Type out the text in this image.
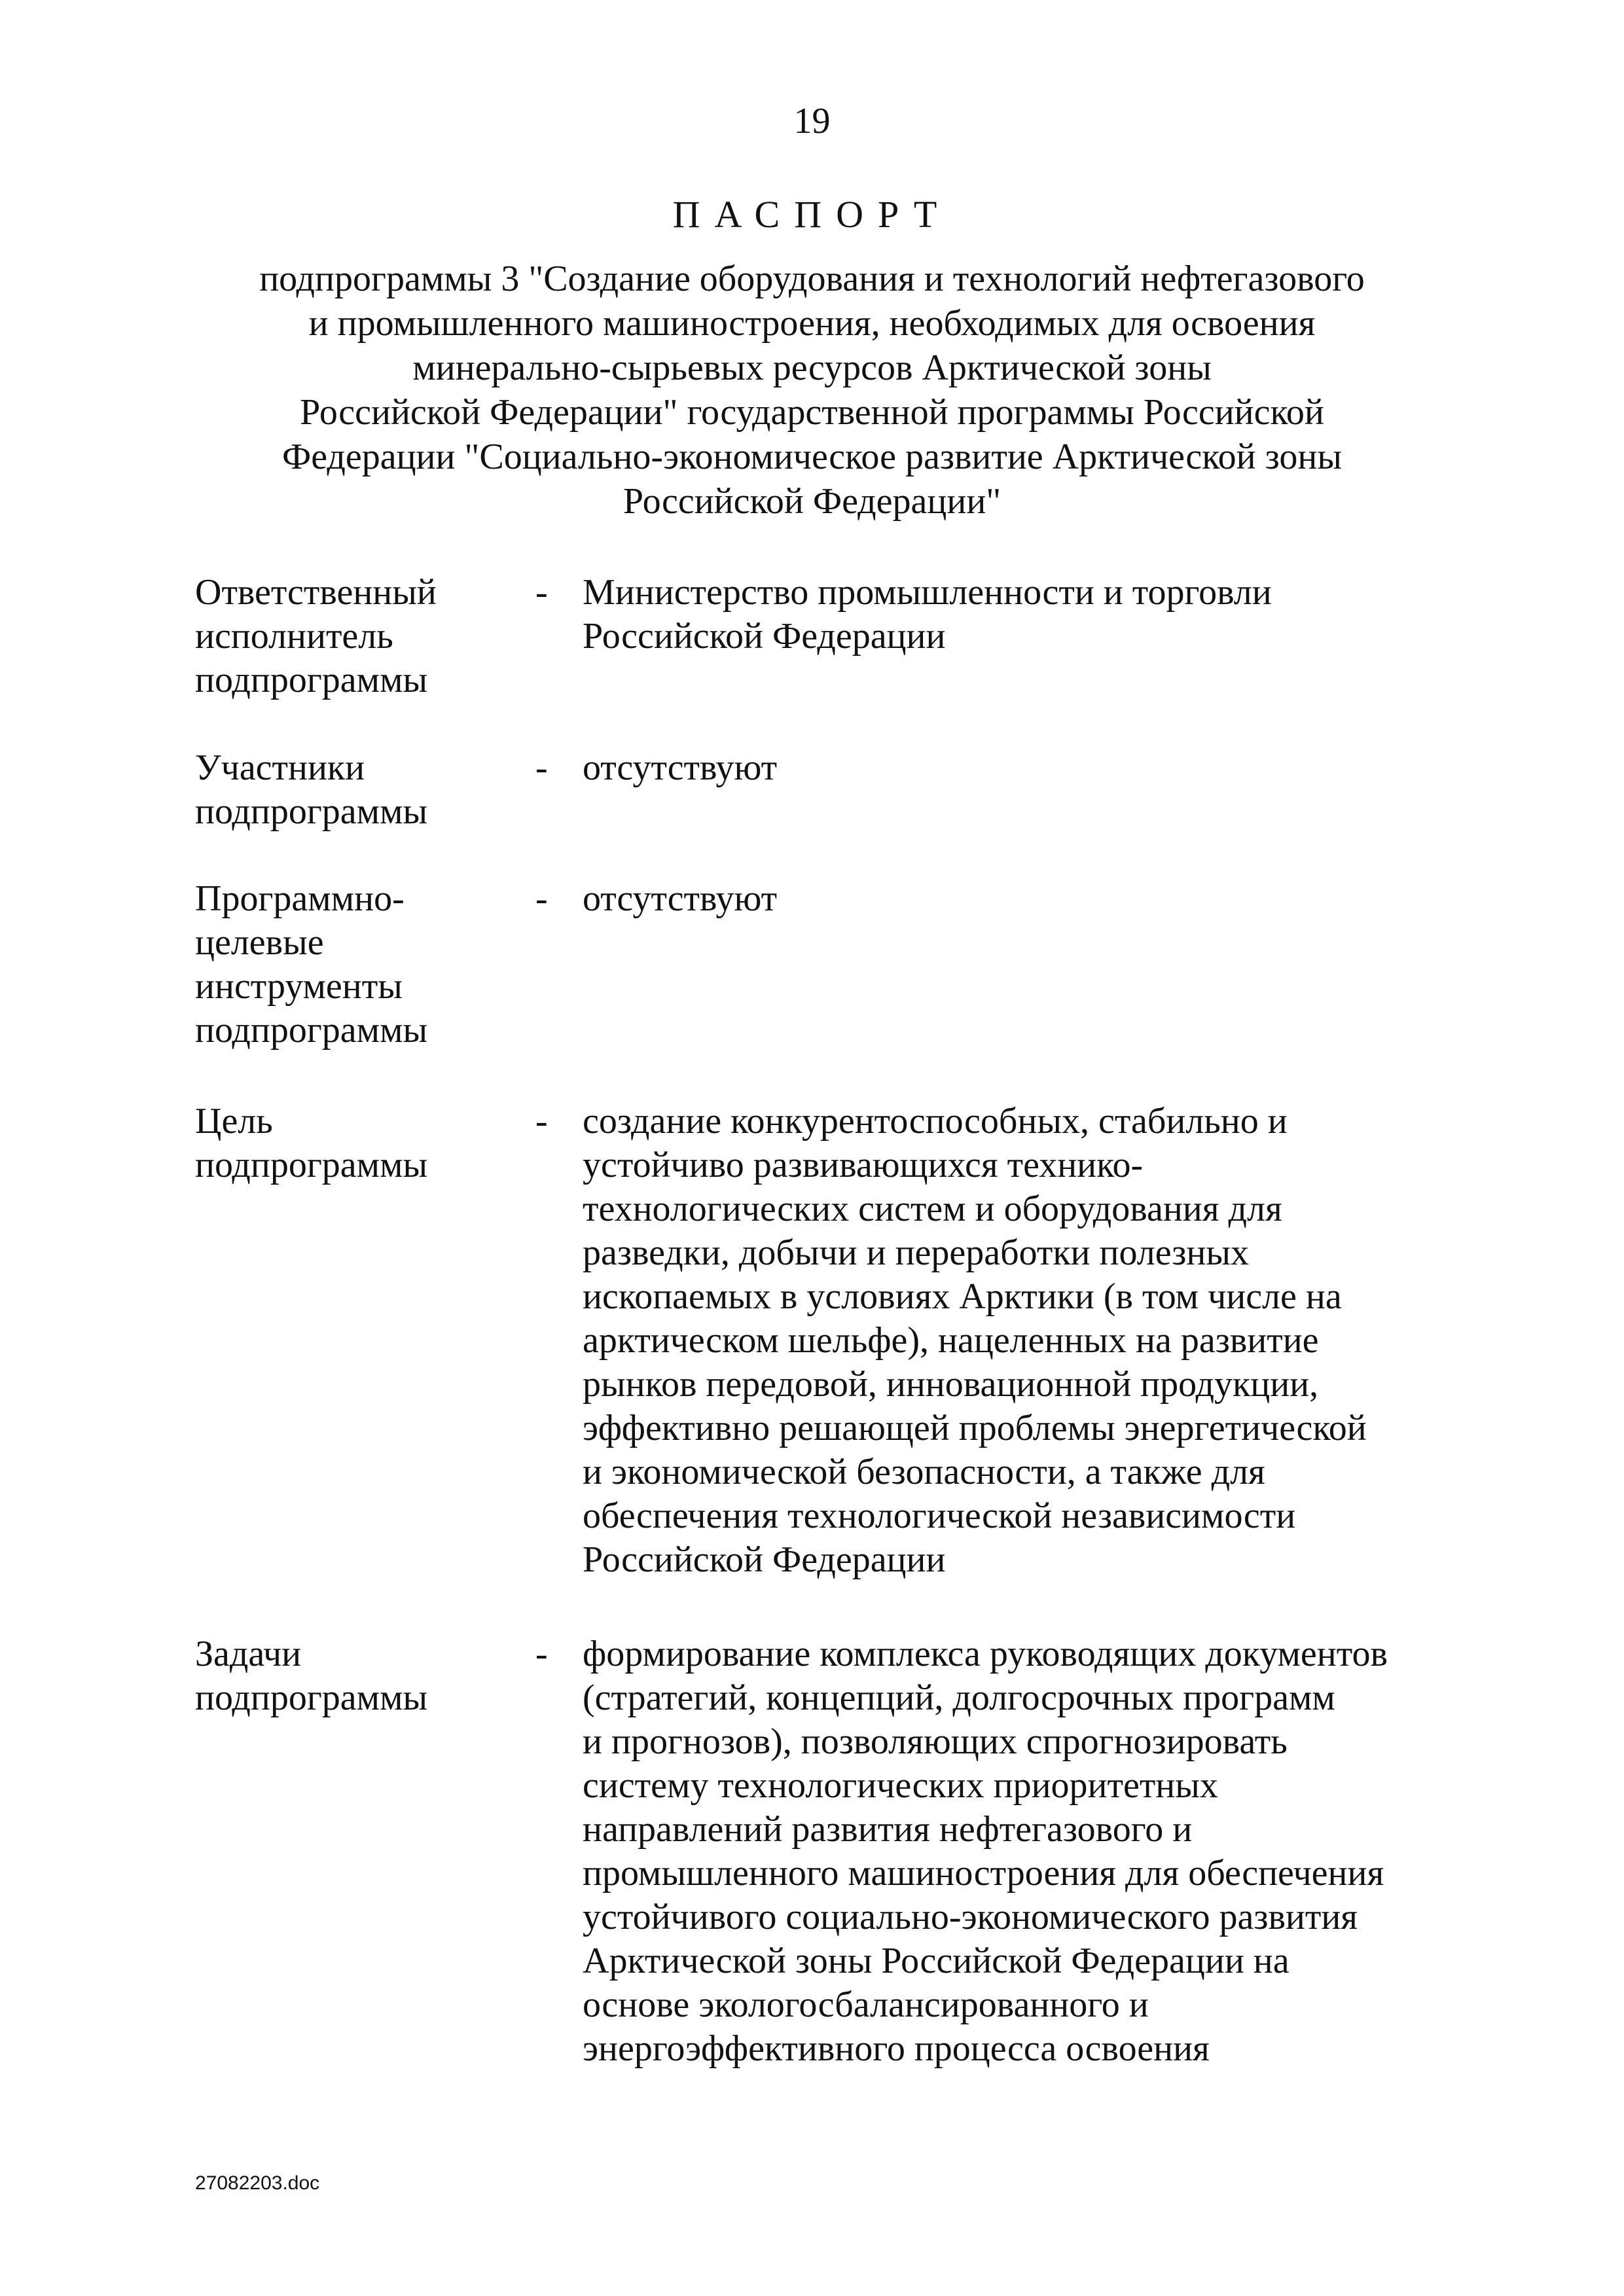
19
ПАСПОРТ
подпрограммы 3 "Создание оборудования и технологий нефтегазового
и промышленного машиностроения, необходимых для освоения
минерально-сырьевых ресурсов Арктической зоны
Российской Федерации" государственной программы Российской
Федерации "Социально-экономическое развитие Арктической зоны
Российской Федерации"
Ответственный
исполнитель
подпрограммы
- Министерство промышленности и торговли
Российской Федерации
Участники
подпрограммы
- отсутствуют
Программно-
целевые
инструменты
подпрограммы
- отсутствуют
Цель
подпрограммы
- создание конкурентоспособных, стабильно и
устойчиво развивающихся технико-
технологических систем и оборудования для
разведки, добычи и переработки полезных
ископаемых в условиях Арктики (в том числе на
арктическом шельфе), нацеленных на развитие
рынков передовой, инновационной продукции,
эффективно решающей проблемы энергетической
и экономической безопасности, а также для
обеспечения технологической независимости
Российской Федерации
Задачи
подпрограммы
- формирование комплекса руководящих документов
(стратегий, концепций, долгосрочных программ
и прогнозов), позволяющих спрогнозировать
систему технологических приоритетных
направлений развития нефтегазового и
промышленного машиностроения для обеспечения
устойчивого социально-экономического развития
Арктической зоны Российской Федерации на
основе экологосбалансированного и
энергоэффективного процесса освоения
27082203.doc
